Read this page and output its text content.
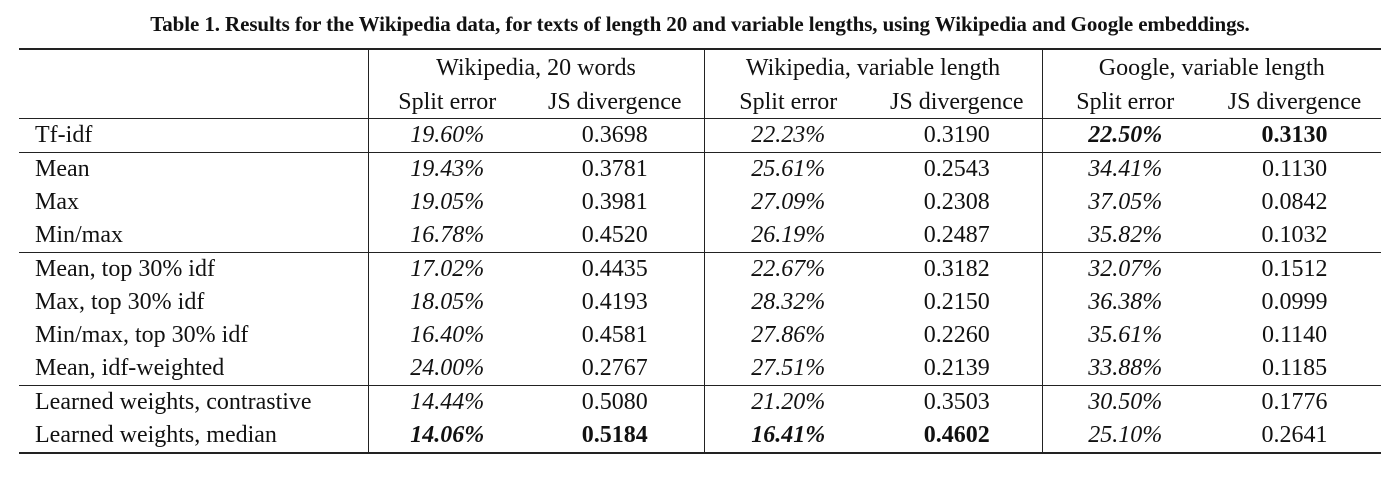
Table 1. Results for the Wikipedia data, for texts of length 20 and variable lengths, using Wikipedia and Google embeddings.
	Wikipedia, 20 words		Wikipedia, variable length		Google, variable length	
	Split error	JS divergence	Split error	JS divergence	Split error	JS divergence
Tf-idf	19.60%	0.3698	22.23%	0.3190	22.50%	0.3130
Mean	19.43%	0.3781	25.61%	0.2543	34.41%	0.1130
Max	19.05%	0.3981	27.09%	0.2308	37.05%	0.0842
Min/max	16.78%	0.4520	26.19%	0.2487	35.82%	0.1032
Mean, top 30% idf	17.02%	0.4435	22.67%	0.3182	32.07%	0.1512
Max, top 30% idf	18.05%	0.4193	28.32%	0.2150	36.38%	0.0999
Min/max, top 30% idf	16.40%	0.4581	27.86%	0.2260	35.61%	0.1140
Mean, idf-weighted	24.00%	0.2767	27.51%	0.2139	33.88%	0.1185
Learned weights, contrastive	14.44%	0.5080	21.20%	0.3503	30.50%	0.1776
Learned weights, median	14.06%	0.5184	16.41%	0.4602	25.10%	0.2641
